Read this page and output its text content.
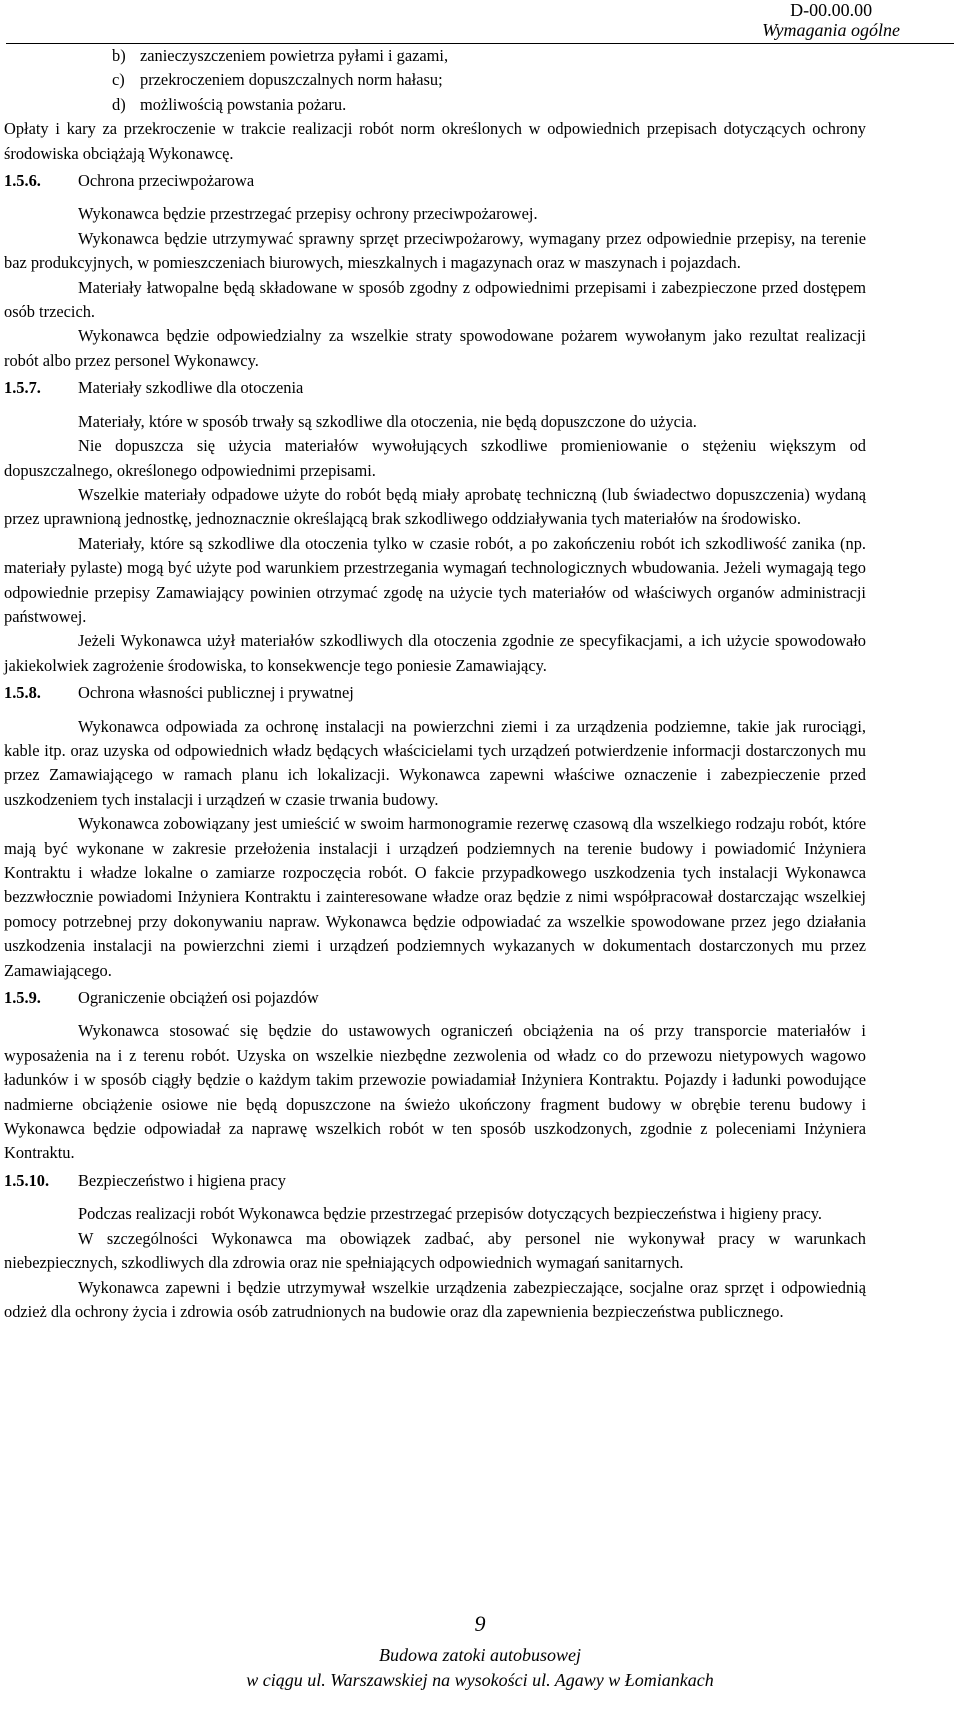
D-00.00.00
Wymagania ogólne
b) zanieczyszczeniem powietrza pyłami i gazami,
c) przekroczeniem dopuszczalnych norm hałasu;
d) możliwością powstania pożaru.

Opłaty i kary za przekroczenie w trakcie realizacji robót norm określonych w odpowiednich przepisach dotyczących ochrony środowiska obciążają Wykonawcę.

1.5.6.	Ochrona przeciwpożarowa

Wykonawca będzie przestrzegać przepisy ochrony przeciwpożarowej.

Wykonawca będzie utrzymywać sprawny sprzęt przeciwpożarowy, wymagany przez odpowiednie przepisy, na terenie baz produkcyjnych, w pomieszczeniach biurowych, mieszkalnych i magazynach oraz w maszynach i pojazdach.

Materiały łatwopalne będą składowane w sposób zgodny z odpowiednimi przepisami i zabezpieczone przed dostępem osób trzecich.

Wykonawca będzie odpowiedzialny za wszelkie straty spowodowane pożarem wywołanym jako rezultat realizacji robót albo przez personel Wykonawcy.

1.5.7.	Materiały szkodliwe dla otoczenia

Materiały, które w sposób trwały są szkodliwe dla otoczenia, nie będą dopuszczone do użycia.

Nie dopuszcza się użycia materiałów wywołujących szkodliwe promieniowanie o stężeniu większym od dopuszczalnego, określonego odpowiednimi przepisami.

Wszelkie materiały odpadowe użyte do robót będą miały aprobatę techniczną (lub świadectwo dopuszczenia) wydaną przez uprawnioną jednostkę, jednoznacznie określającą brak szkodliwego oddziaływania tych materiałów na środowisko.

Materiały, które są szkodliwe dla otoczenia tylko w czasie robót, a po zakończeniu robót ich szkodliwość zanika (np. materiały pylaste) mogą być użyte pod warunkiem przestrzegania wymagań technologicznych wbudowania. Jeżeli wymagają tego odpowiednie przepisy Zamawiający powinien otrzymać zgodę na użycie tych materiałów od właściwych organów administracji państwowej.

Jeżeli Wykonawca użył materiałów szkodliwych dla otoczenia zgodnie ze specyfikacjami, a ich użycie spowodowało jakiekolwiek zagrożenie środowiska, to konsekwencje tego poniesie Zamawiający.

1.5.8.	Ochrona własności publicznej i prywatnej

Wykonawca odpowiada za ochronę instalacji na powierzchni ziemi i za urządzenia podziemne, takie jak rurociągi, kable itp. oraz uzyska od odpowiednich władz będących właścicielami tych urządzeń potwierdzenie informacji dostarczonych mu przez Zamawiającego w ramach planu ich lokalizacji. Wykonawca zapewni właściwe oznaczenie i zabezpieczenie przed uszkodzeniem tych instalacji i urządzeń w czasie trwania budowy.

Wykonawca zobowiązany jest umieścić w swoim harmonogramie rezerwę czasową dla wszelkiego rodzaju robót, które mają być wykonane w zakresie przełożenia instalacji i urządzeń podziemnych na terenie budowy i powiadomić Inżyniera Kontraktu i władze lokalne o zamiarze rozpoczęcia robót. O fakcie przypadkowego uszkodzenia tych instalacji Wykonawca bezzwłocznie powiadomi Inżyniera Kontraktu i zainteresowane władze oraz będzie z nimi współpracował dostarczając wszelkiej pomocy potrzebnej przy dokonywaniu napraw. Wykonawca będzie odpowiadać za wszelkie spowodowane przez jego działania uszkodzenia instalacji na powierzchni ziemi i urządzeń podziemnych wykazanych w dokumentach dostarczonych mu przez Zamawiającego.

1.5.9.	Ograniczenie obciążeń osi pojazdów

Wykonawca stosować się będzie do ustawowych ograniczeń obciążenia na oś przy transporcie materiałów i wyposażenia na i z terenu robót. Uzyska on wszelkie niezbędne zezwolenia od władz co do przewozu nietypowych wagowo ładunków i w sposób ciągły będzie o każdym takim przewozie powiadamiał Inżyniera Kontraktu. Pojazdy i ładunki powodujące nadmierne obciążenie osiowe nie będą dopuszczone na świeżo ukończony fragment budowy w obrębie terenu budowy i Wykonawca będzie odpowiadał za naprawę wszelkich robót w ten sposób uszkodzonych, zgodnie z poleceniami Inżyniera Kontraktu.

1.5.10.	Bezpieczeństwo i higiena pracy

Podczas realizacji robót Wykonawca będzie przestrzegać przepisów dotyczących bezpieczeństwa i higieny pracy.

W szczególności Wykonawca ma obowiązek zadbać, aby personel nie wykonywał pracy w warunkach niebezpiecznych, szkodliwych dla zdrowia oraz nie spełniających odpowiednich wymagań sanitarnych.

Wykonawca zapewni i będzie utrzymywał wszelkie urządzenia zabezpieczające, socjalne oraz sprzęt i odpowiednią odzież dla ochrony życia i zdrowia osób zatrudnionych na budowie oraz dla zapewnienia bezpieczeństwa publicznego.

9
Budowa zatoki autobusowej
w ciągu ul. Warszawskiej na wysokości ul. Agawy w Łomiankach
